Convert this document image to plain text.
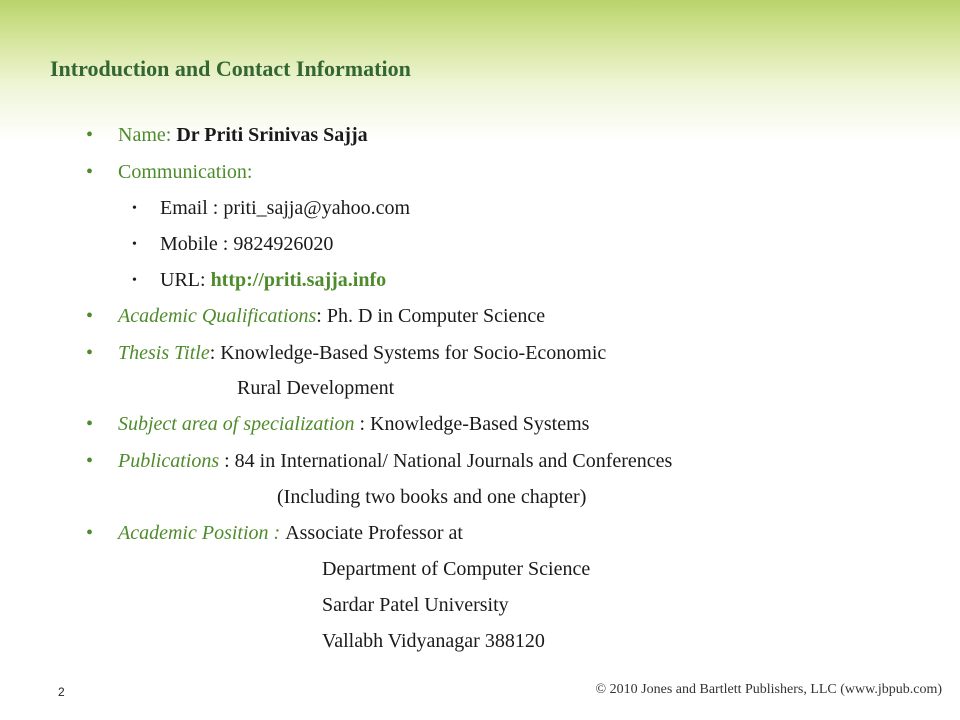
Introduction and Contact Information
• Name: Dr Priti Srinivas Sajja
• Communication:
• Email : priti_sajja@yahoo.com
• Mobile : 9824926020
• URL: http://priti.sajja.info
• Academic Qualifications: Ph. D in Computer Science
• Thesis Title: Knowledge-Based Systems for Socio-Economic
Rural Development
• Subject area of specialization : Knowledge-Based Systems
• Publications : 84 in International/ National Journals and Conferences
(Including two books and one chapter)
• Academic Position : Associate Professor at
Department of Computer Science
Sardar Patel University
Vallabh Vidyanagar 388120
2	© 2010 Jones and Bartlett Publishers, LLC (www.jbpub.com)
